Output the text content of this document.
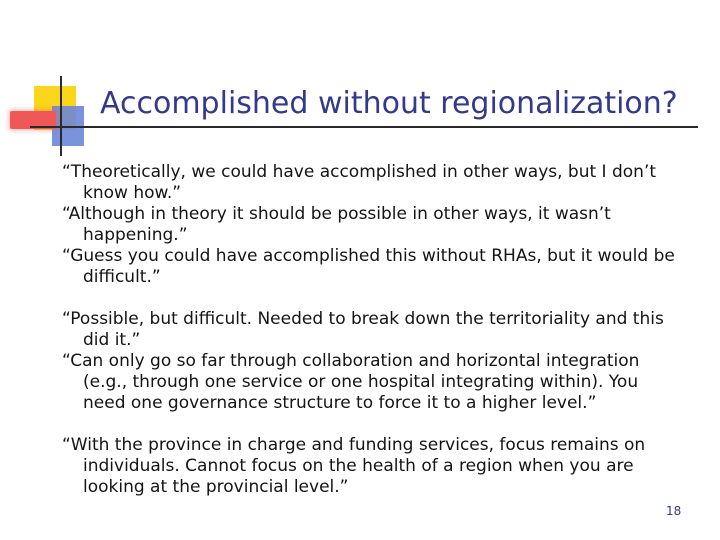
Accomplished without regionalization?
“Theoretically, we could have accomplished in other ways, but I don’t know how.”
“Although in theory it should be possible in other ways, it wasn’t happening.”
“Guess you could have accomplished this without RHAs, but it would be difficult.”
“Possible, but difficult. Needed to break down the territoriality and this did it.”
“Can only go so far through collaboration and horizontal integration (e.g., through one service or one hospital integrating within). You need one governance structure to force it to a higher level.”
“With the province in charge and funding services, focus remains on individuals. Cannot focus on the health of a region when you are looking at the provincial level.”
18
